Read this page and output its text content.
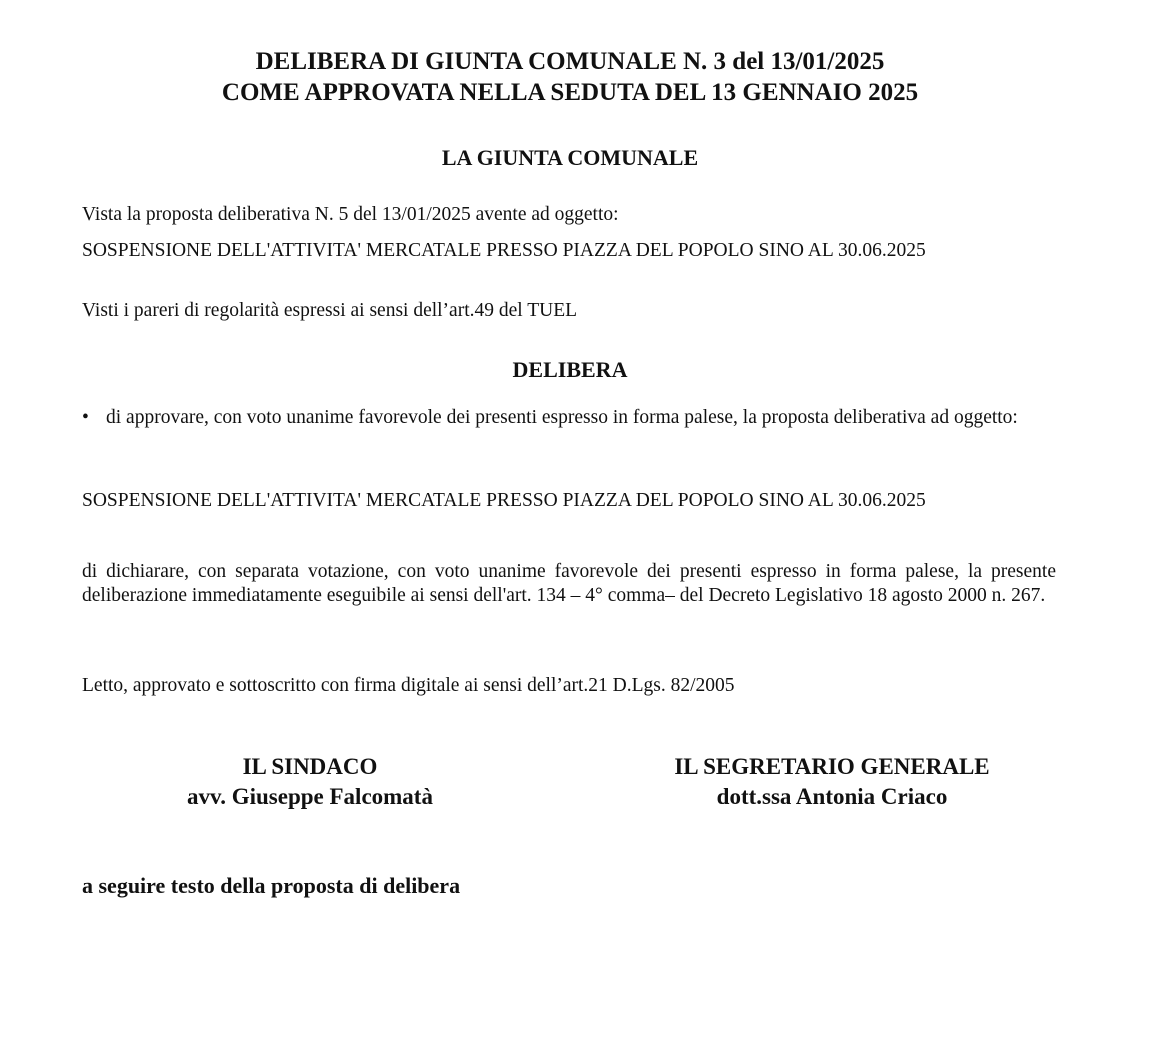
DELIBERA DI GIUNTA COMUNALE N. 3 del 13/01/2025
COME APPROVATA NELLA SEDUTA DEL 13 GENNAIO 2025
LA GIUNTA COMUNALE
Vista la proposta deliberativa N. 5 del 13/01/2025 avente ad oggetto:
SOSPENSIONE DELL'ATTIVITA' MERCATALE PRESSO PIAZZA DEL POPOLO SINO AL 30.06.2025
Visti i pareri di regolarità espressi ai sensi dell’art.49 del TUEL
DELIBERA
• di approvare, con voto unanime favorevole dei presenti espresso in forma palese, la proposta deliberativa ad oggetto:
SOSPENSIONE DELL'ATTIVITA' MERCATALE PRESSO PIAZZA DEL POPOLO SINO AL 30.06.2025
di dichiarare, con separata votazione, con voto unanime favorevole dei presenti espresso in forma palese, la presente deliberazione immediatamente eseguibile ai sensi dell'art. 134 – 4° comma– del Decreto Legislativo 18 agosto 2000 n. 267.
Letto, approvato e sottoscritto con firma digitale ai sensi dell’art.21 D.Lgs. 82/2005
IL SINDACO
avv. Giuseppe Falcomatà
IL SEGRETARIO GENERALE
dott.ssa Antonia Criaco
a seguire testo della proposta di delibera
